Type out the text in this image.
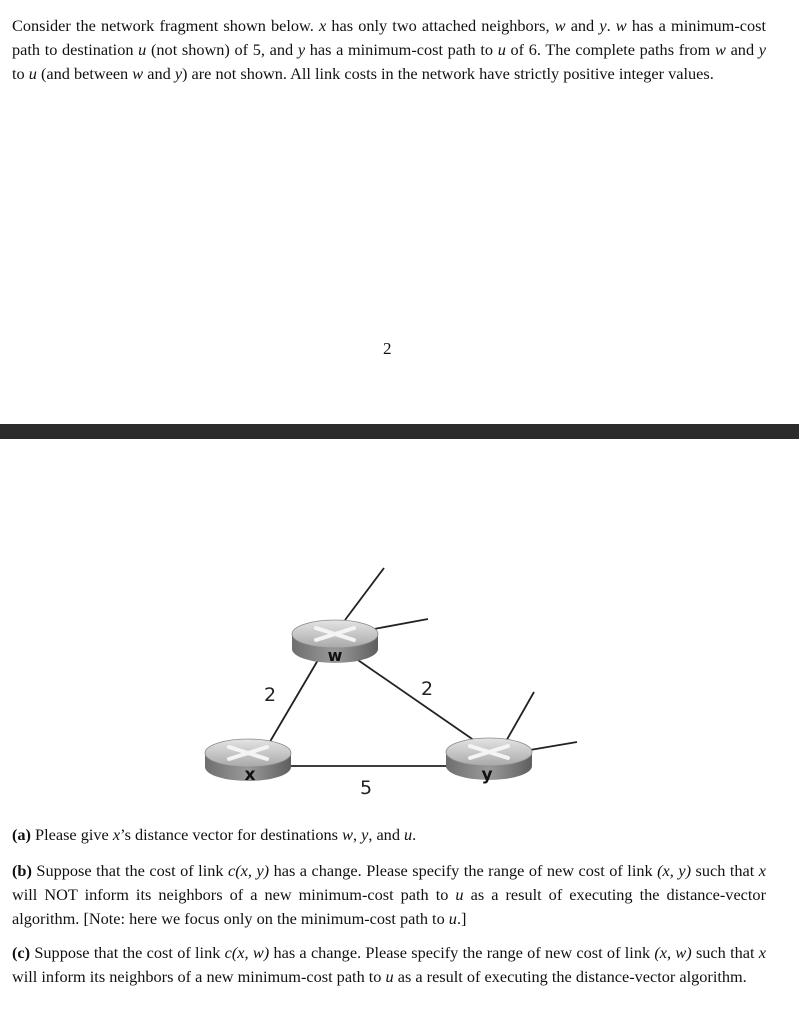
Consider the network fragment shown below. x has only two attached neighbors, w and y. w has a minimum-cost path to destination u (not shown) of 5, and y has a minimum-cost path to u of 6. The complete paths from w and y to u (and between w and y) are not shown. All link costs in the network have strictly positive integer values.

2
w
x	y
2	2
5

(a) Please give x’s distance vector for destinations w, y, and u.

(b) Suppose that the cost of link c(x, y) has a change. Please specify the range of new cost of link (x, y) such that x will NOT inform its neighbors of a new minimum-cost path to u as a result of executing the distance-vector algorithm. [Note: here we focus only on the minimum-cost path to u.]

(c) Suppose that the cost of link c(x, w) has a change. Please specify the range of new cost of link (x, w) such that x will inform its neighbors of a new minimum-cost path to u as a result of executing the distance-vector algorithm.
